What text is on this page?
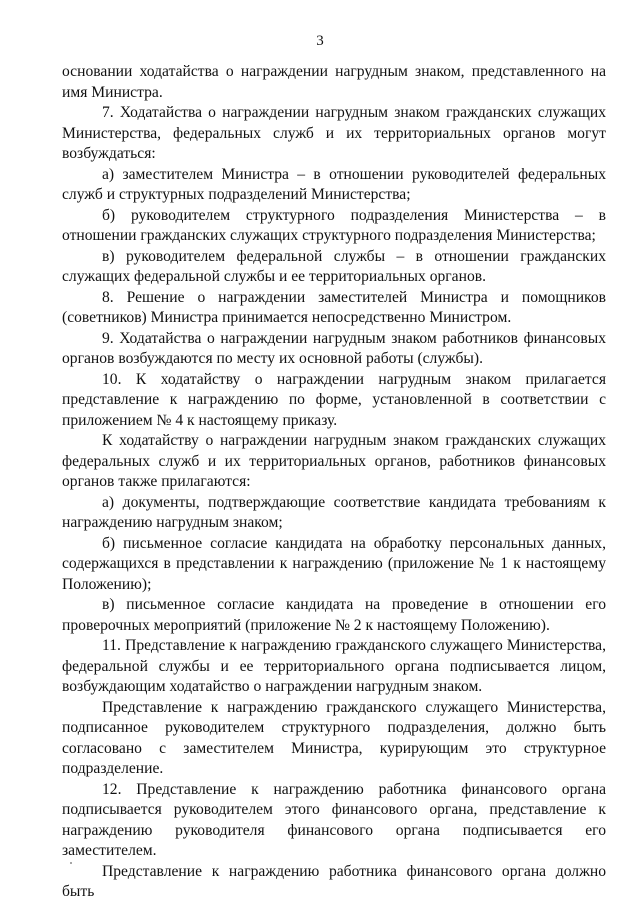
3

основании ходатайства о награждении нагрудным знаком, представленного на имя Министра.

7. Ходатайства о награждении нагрудным знаком гражданских служащих Министерства, федеральных служб и их территориальных органов могут возбуждаться:

а) заместителем Министра – в отношении руководителей федеральных служб и структурных подразделений Министерства;

б) руководителем структурного подразделения Министерства – в отношении гражданских служащих структурного подразделения Министерства;

в) руководителем федеральной службы – в отношении гражданских служащих федеральной службы и ее территориальных органов.

8. Решение о награждении заместителей Министра и помощников (советников) Министра принимается непосредственно Министром.

9. Ходатайства о награждении нагрудным знаком работников финансовых органов возбуждаются по месту их основной работы (службы).

10. К ходатайству о награждении нагрудным знаком прилагается представление к награждению по форме, установленной в соответствии с приложением № 4 к настоящему приказу.

К ходатайству о награждении нагрудным знаком гражданских служащих федеральных служб и их территориальных органов, работников финансовых органов также прилагаются:

а) документы, подтверждающие соответствие кандидата требованиям к награждению нагрудным знаком;

б) письменное согласие кандидата на обработку персональных данных, содержащихся в представлении к награждению (приложение № 1 к настоящему Положению);

в) письменное согласие кандидата на проведение в отношении его проверочных мероприятий (приложение № 2 к настоящему Положению).

11. Представление к награждению гражданского служащего Министерства, федеральной службы и ее территориального органа подписывается лицом, возбуждающим ходатайство о награждении нагрудным знаком.

Представление к награждению гражданского служащего Министерства, подписанное руководителем структурного подразделения, должно быть согласовано с заместителем Министра, курирующим это структурное подразделение.

12. Представление к награждению работника финансового органа подписывается руководителем этого финансового органа, представление к награждению руководителя финансового органа подписывается его заместителем.

Представление к награждению работника финансового органа должно быть
